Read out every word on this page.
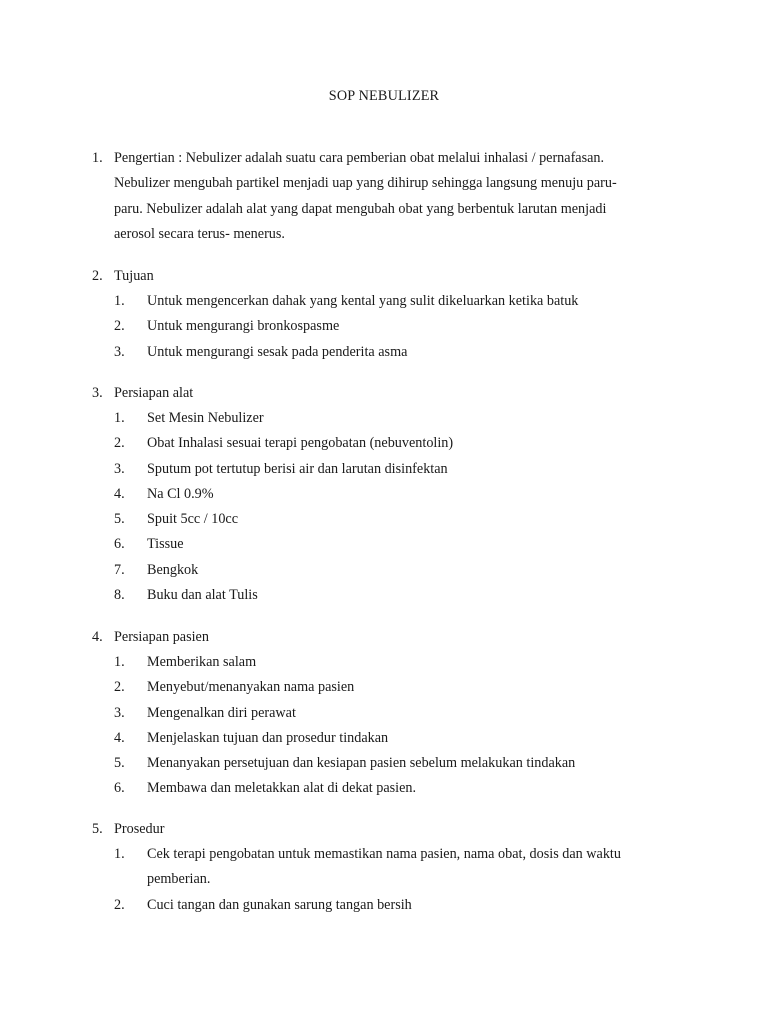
SOP NEBULIZER
1. Pengertian : Nebulizer adalah suatu cara pemberian obat melalui inhalasi / pernafasan.
Nebulizer mengubah partikel menjadi uap yang dihirup sehingga langsung menuju paru-
paru. Nebulizer adalah alat yang dapat mengubah obat yang berbentuk larutan menjadi
aerosol secara terus- menerus.
2. Tujuan
1.	Untuk mengencerkan dahak yang kental yang sulit dikeluarkan ketika batuk
2.	Untuk mengurangi bronkospasme
3.	Untuk mengurangi sesak pada penderita asma
3. Persiapan alat
1.	Set Mesin Nebulizer
2.	Obat Inhalasi sesuai terapi pengobatan (nebuventolin)
3.	Sputum pot tertutup berisi air dan larutan disinfektan
4.	Na Cl 0.9%
5.	Spuit 5cc / 10cc
6.	Tissue
7.	Bengkok
8.	Buku dan alat Tulis
4. Persiapan pasien
1.	Memberikan salam
2.	Menyebut/menanyakan nama pasien
3.	Mengenalkan diri perawat
4.	Menjelaskan tujuan dan prosedur tindakan
5.	Menanyakan persetujuan dan kesiapan pasien sebelum melakukan tindakan
6.	Membawa dan meletakkan alat di dekat pasien.
5. Prosedur
1.	Cek terapi pengobatan untuk memastikan nama pasien, nama obat, dosis dan waktu
pemberian.
2.	Cuci tangan dan gunakan sarung tangan bersih
